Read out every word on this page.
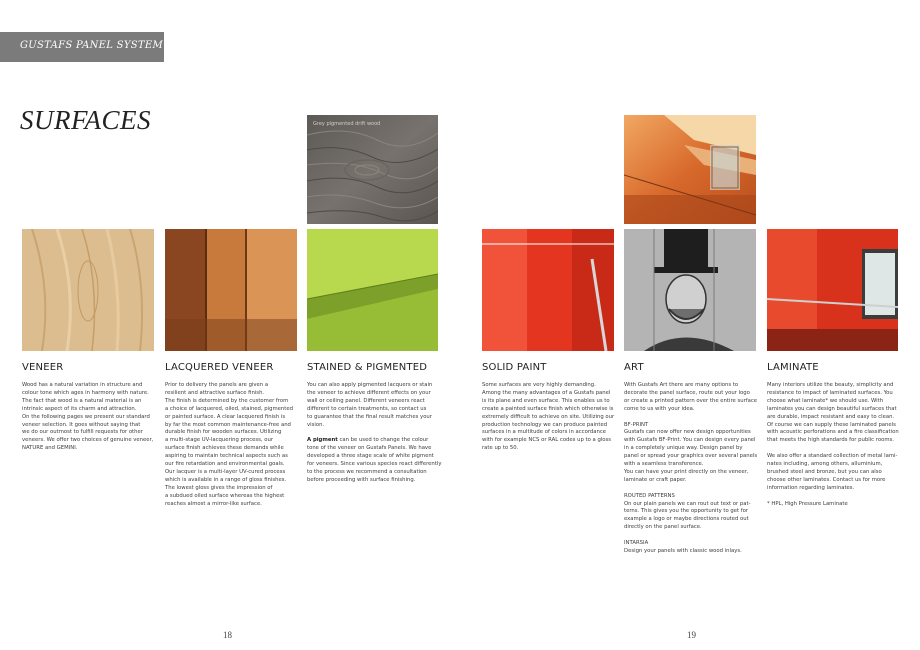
GUSTAFS PANEL SYSTEM
SURFACES	Grey pigmented drift wood
VENEER	LACQUERED VENEER	STAINED & PIGMENTED	SOLID PAINT	ART	LAMINATE

Wood has a natural variation in structure and
colour tone which ages in harmony with nature.
The fact that wood is a natural material is an
intrinsic aspect of its charm and attraction.
On the following pages we present our standard
veneer selection. It goes without saying that
we do our outmost to fulfill requests for other
veneers. We offer two choices of genuine veneer,
NATURE and GEMINI.

Prior to delivery the panels are given a
resilient and attractive surface finish.
The finish is determined by the customer from
a choice of lacquered, oiled, stained, pigmented
or painted surface. A clear lacquered finish is
by far the most common maintenance-free and
durable finish for wooden surfaces. Utilizing
a multi-stage UV-lacquering process, our
surface finish achieves these demands while
aspiring to maintain technical aspects such as
our fire retardation and environmental goals.
Our lacquer is a multi-layer UV-cured process
which is available in a range of gloss finishes.
The lowest gloss gives the impression of
a subdued oiled surface whereas the highest
reaches almost a mirror-like surface.

You can also apply pigmented lacquers or stain
the veneer to achieve different effects on your
wall or ceiling panel. Different veneers react
different to certain treatments, so contact us
to guarantee that the final result matches your
vision.

A pigment can be used to change the colour
tone of the veneer on Gustafs Panels. We have
developed a three stage scale of white pigment
for veneers. Since various species react differently
to the process we recommend a consultation
before proceeding with surface finishing.

Some surfaces are very highly demanding.
Among the many advantages of a Gustafs panel
is its plane and even surface. This enables us to
create a painted surface finish which otherwise is
extremely difficult to achieve on site. Utilizing our
production technology we can produce painted
surfaces in a multitude of colors in accordance
with for example NCS or RAL codes up to a gloss
rate up to 50.

With Gustafs Art there are many options to
decorate the panel surface, route out your logo
or create a printed pattern over the entire surface
come to us with your idea.

BF-PRINT
Gustafs can now offer new design opportunities
with Gustafs BF-Print. You can design every panel
in a completely unique way. Design panel by
panel or spread your graphics over several panels
with a seamless transference.
You can have your print directly on the veneer,
laminate or craft paper.

ROUTED PATTERNS
On our plain panels we can rout out text or pat-
terns. This gives you the opportunity to get for
example a logo or maybe directions routed out
directly on the panel surface.

INTARSIA
Design your panels with classic wood inlays.

Many interiors utilize the beauty, simplicity and
resistance to impact of laminated surfaces. You
choose what laminate* we should use. With
laminates you can design beautiful surfaces that
are durable, impact resistant and easy to clean.
Of course we can supply these laminated panels
with acoustic perforations and a fire classification
that meets the high standards for public rooms.

We also offer a standard collection of metal lami-
nates including, among others, alluminium,
brushed steel and bronze, but you can also
choose other laminates. Contact us for more
information regarding laminates.

* HPL, High Pressure Laminate

18	19
